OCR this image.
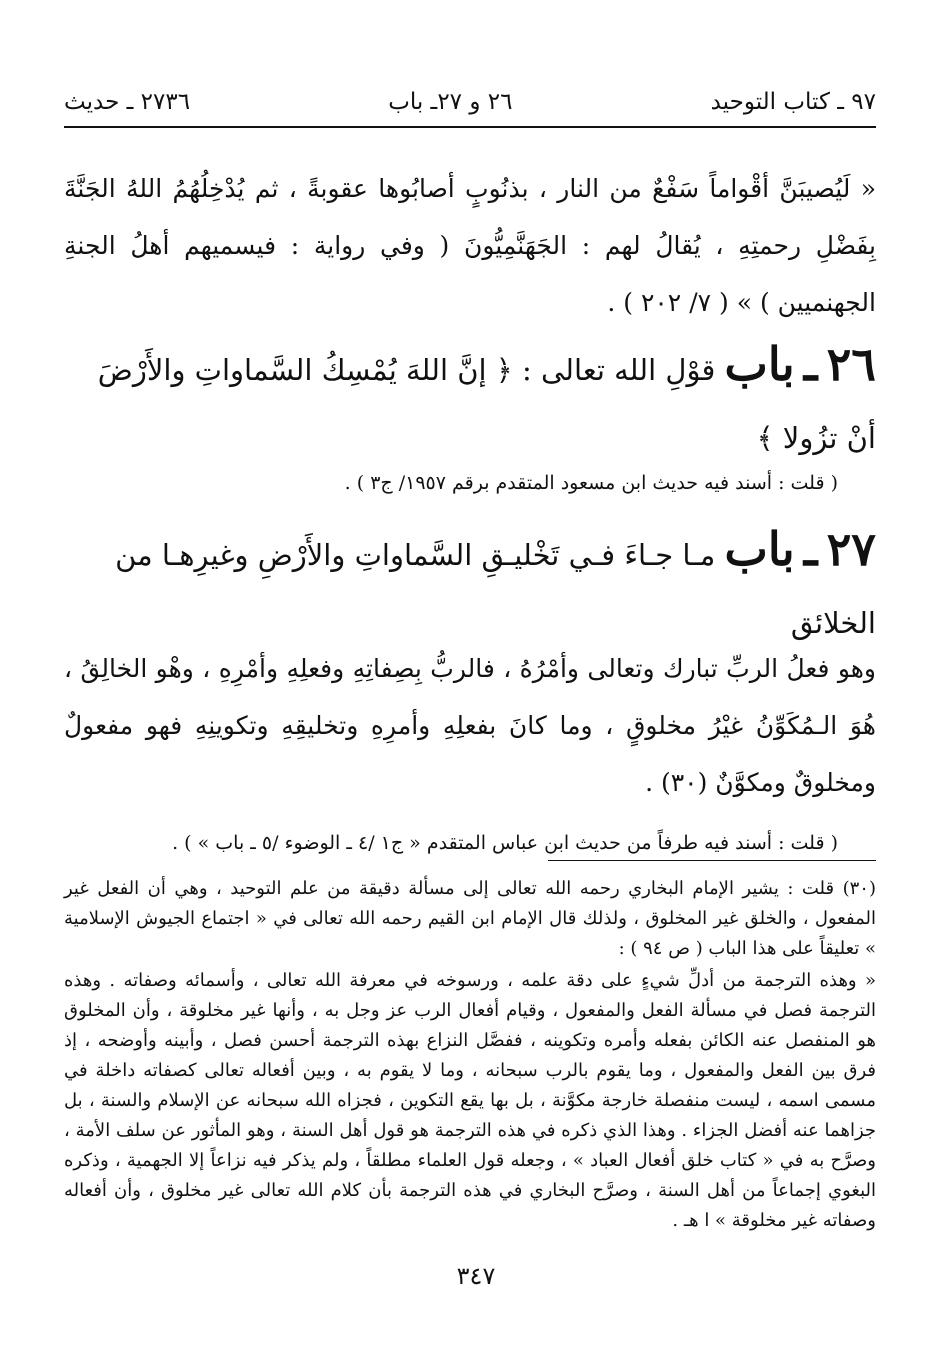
٩٧ ـ كتاب التوحيد
٢٦ و ٢٧ـ باب
٢٧٣٦ ـ حديث
« لَيُصيبَنَّ أقْواماً سَفْعٌ من النار ، بذنُوبٍ أصابُوها عقوبةً ، ثم يُدْخِلُهُمُ اللهُ الجَنَّةَ بِفَضْلِ رحمتِهِ ، يُقالُ لهم : الجَهَنَّمِيُّونَ ( وفي رواية : فيسميهم أهلُ الجنةِ الجهنميين ) » ( ٧/ ٢٠٢ ) .
٢٦ ـ باب قوْلِ الله تعالى : ﴿ إنَّ اللهَ يُمْسِكُ السَّماواتِ والأَرْضَ أنْ تزُولا ﴾
( قلت : أسند فيه حديث ابن مسعود المتقدم برقم ١٩٥٧/ ج٣ ) .
٢٧ ـ باب مـا جـاءَ فـي تَخْليـقِ السَّماواتِ والأَرْضِ وغيرِهـا من الخلائق
وهو فعلُ الربِّ تبارك وتعالى وأمْرُهُ ، فالربُّ بِصِفاتِهِ وفعلِهِ وأمْرِهِ ، وهْو الخالِقُ ، هُوَ الـمُكَوِّنُ غيْرُ مخلوقٍ ، وما كانَ بفعلِهِ وأمرِهِ وتخليقِهِ وتكوينِهِ فهو مفعولٌ ومخلوقٌ ومكوَّنٌ (٣٠) .
( قلت : أسند فيه طرفاً من حديث ابن عباس المتقدم « ج١ /٤ ـ الوضوء /٥ ـ باب » ) .
(٣٠) قلت : يشير الإمام البخاري رحمه الله تعالى إلى مسألة دقيقة من علم التوحيد ، وهي أن الفعل غير المفعول ، والخلق غير المخلوق ، ولذلك قال الإمام ابن القيم رحمه الله تعالى في « اجتماع الجيوش الإسلامية » تعليقاً على هذا الباب ( ص ٩٤ ) :
« وهذه الترجمة من أدلِّ شيءٍ على دقة علمه ، ورسوخه في معرفة الله تعالى ، وأسمائه وصفاته . وهذه الترجمة فصل في مسألة الفعل والمفعول ، وقيام أفعال الرب عز وجل به ، وأنها غير مخلوقة ، وأن المخلوق هو المنفصل عنه الكائن بفعله وأمره وتكوينه ، ففصَّل النزاع بهذه الترجمة أحسن فصل ، وأبينه وأوضحه ، إذ فرق بين الفعل والمفعول ، وما يقوم بالرب سبحانه ، وما لا يقوم به ، وبين أفعاله تعالى كصفاته داخلة في مسمى اسمه ، ليست منفصلة خارجة مكوَّنة ، بل بها يقع التكوين ، فجزاه الله سبحانه عن الإسلام والسنة ، بل جزاهما عنه أفضل الجزاء . وهذا الذي ذكره في هذه الترجمة هو قول أهل السنة ، وهو المأثور عن سلف الأمة ، وصرَّح به في « كتاب خلق أفعال العباد » ، وجعله قول العلماء مطلقاً ، ولم يذكر فيه نزاعاً إلا الجهمية ، وذكره البغوي إجماعاً من أهل السنة ، وصرَّح البخاري في هذه الترجمة بأن كلام الله تعالى غير مخلوق ، وأن أفعاله وصفاته غير مخلوقة » ا هـ .
٣٤٧
